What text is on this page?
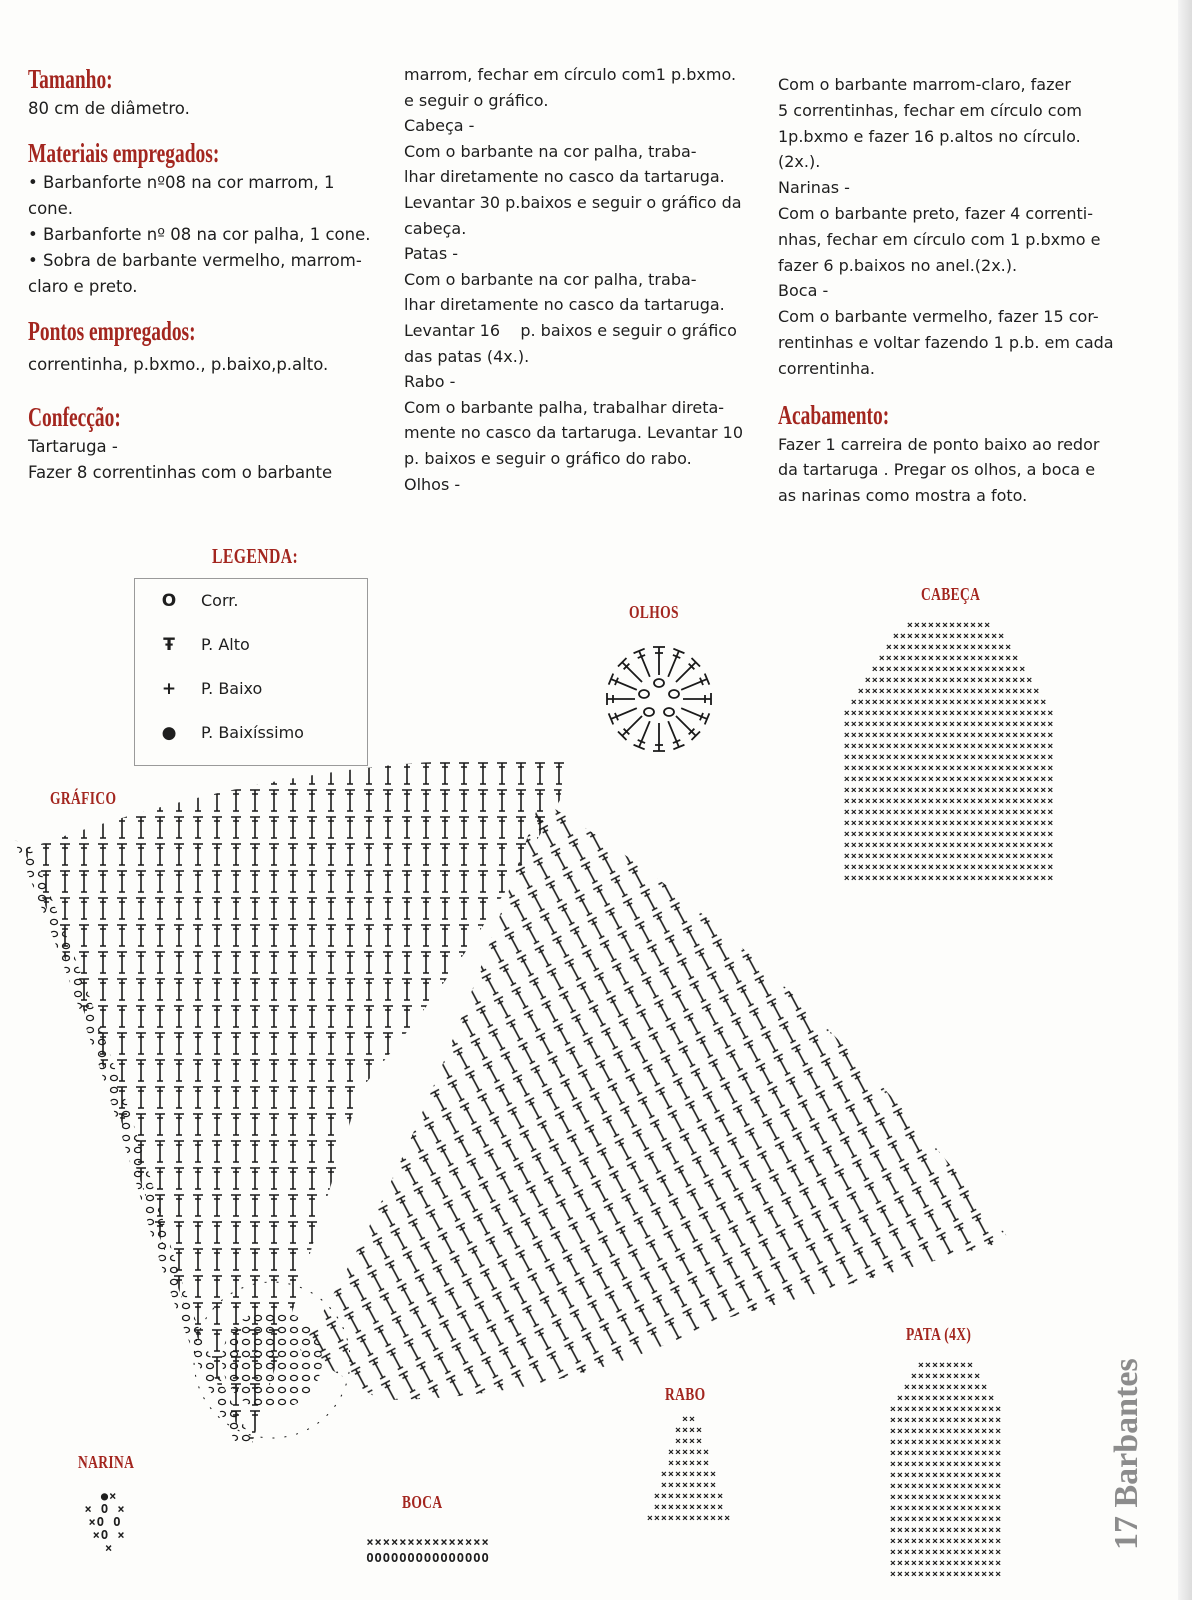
Tamanho:

80 cm de diâmetro.

Materiais empregados:

• Barbanforte nº08 na cor marrom, 1

cone.

• Barbanforte nº 08 na cor palha, 1 cone.

• Sobra de barbante vermelho, marrom-

claro e preto.

Pontos empregados:

correntinha, p.bxmo., p.baixo,p.alto.

Confecção:

Tartaruga -

Fazer 8 correntinhas com o barbante

marrom, fechar em círculo com1 p.bxmo.

e seguir o gráfico.

Cabeça -

Com o barbante na cor palha, traba-

lhar diretamente no casco da tartaruga.

Levantar 30 p.baixos e seguir o gráfico da

cabeça.

Patas -

Com o barbante na cor palha, traba-

lhar diretamente no casco da tartaruga.

Levantar 16    p. baixos e seguir o gráfico

das patas (4x.).

Rabo -

Com o barbante palha, trabalhar direta-

mente no casco da tartaruga. Levantar 10

p. baixos e seguir o gráfico do rabo.

Olhos -

Com o barbante marrom-claro, fazer

5 correntinhas, fechar em círculo com

1p.bxmo e fazer 16 p.altos no círculo.

(2x.).

Narinas -

Com o barbante preto, fazer 4 correnti-

nhas, fechar em círculo com 1 p.bxmo e

fazer 6 p.baixos no anel.(2x.).

Boca -

Com o barbante vermelho, fazer 15 cor-

rentinhas e voltar fazendo 1 p.b. em cada

correntinha.

Acabamento:

Fazer 1 carreira de ponto baixo ao redor

da tartaruga . Pregar os olhos, a boca e

as narinas como mostra a foto.

LEGENDA:
O Corr.
Ŧ	P. Alto
+	P. Baixo
● P. Baixíssimo
GRÁFICO
OLHOS
CABEÇA
PATA (4X)
RABO
NARINA
BOCA
××××××××××××
××××××××××××××××
××××××××××××××××××
××××××××××××××××××××
××××××××××××××××××××××
××××××××××××××××××××××××
××××××××××××××××××××××××××
××××××××××××××××××××××××××××
××××××××××××××××××××××××××××××
××××××××××××××××××××××××××××××
××××××××××××××××××××××××××××××
××××××××××××××××××××××××××××××
××××××××××××××××××××××××××××××
××××××××××××××××××××××××××××××
××××××××××××××××××××××××××××××
××××××××××××××××××××××××××××××
××××××××××××××××××××××××××××××
××××××××××××××××××××××××××××××
××××××××××××××××××××××××××××××
××××××××××××××××××××××××××××××
××××××××××××××××××××××××××××××
××××××××××××××××××××××××××××××
××××××××××××××××××××××××××××××
××××××××××××××××××××××××××××××
××××××××
××××××××××
××××××××××××
××××××××××××××
××××××××××××××××
××××××××××××××××
××××××××××××××××
××××××××××××××××
××××××××××××××××
××××××××××××××××
××××××××××××××××
××××××××××××××××
××××××××××××××××
××××××××××××××××
××××××××××××××××
××××××××××××××××
××××××××××××××××
××××××××××××××××
××××××××××××××××
××××××××××××××××
××
××××
××××
××××××
××××××
××××××××
××××××××
××××××××××
××××××××××
××××××××××××
●×
× O ×
×O O
×O ×
×	×××××××××××××××
OOOOOOOOOOOOOOO
17 Barbantes
